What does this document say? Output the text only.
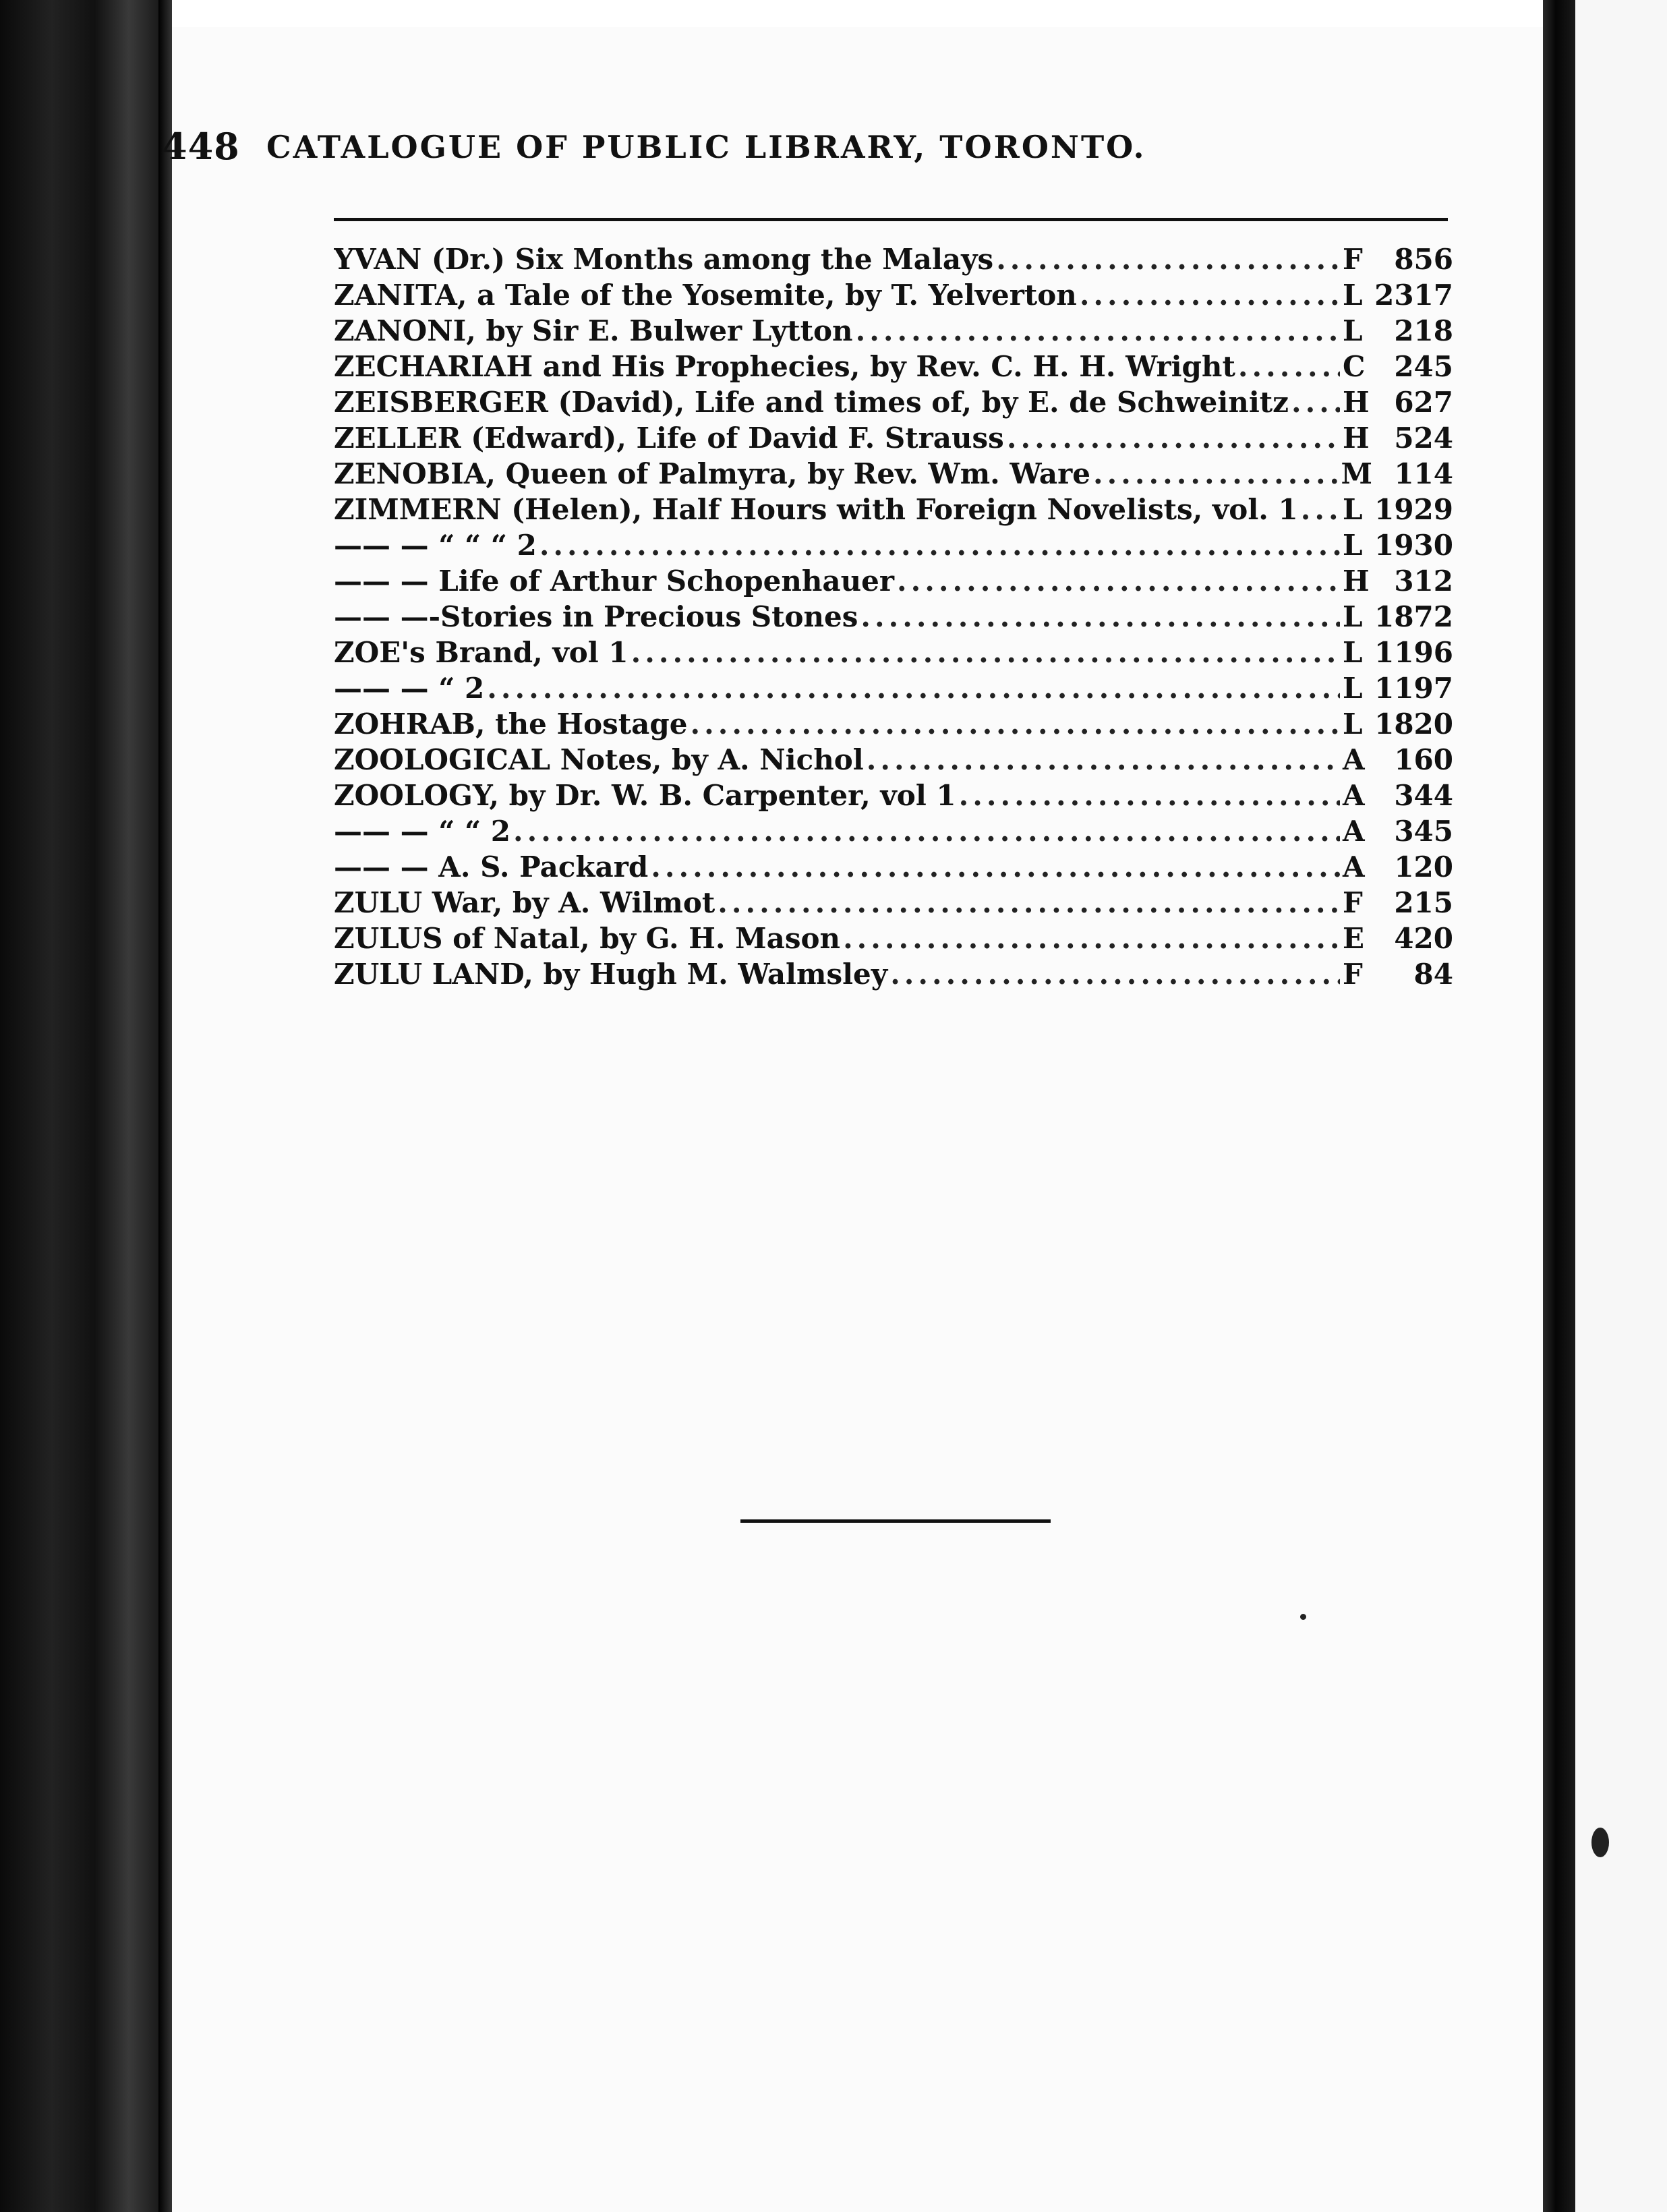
448 CATALOGUE OF PUBLIC LIBRARY, TORONTO.
YVAN (Dr.) Six Months among the Malays .....	F	856
ZANITA, a Tale of the Yosemite, by T. Yelverton .....	L 2317
ZANONI, by Sir E. Bulwer Lytton .....	L	218
ZECHARIAH and His Prophecies, by Rev. C. H. H. Wright .....	C	245
ZEISBERGER (David), Life and times of, by E. de Schweinitz ..... H 627
ZELLER (Edward), Life of David F. Strauss .....	H 524
ZENOBIA, Queen of Palmyra, by Rev. Wm. Ware .....	M 114
ZIMMERN (Helen), Half Hours with Foreign Novelists, vol. 1 ..... L 1929
—— — “ “ “ 2 .....	L 1930
—— — Life of Arthur Schopenhauer .....	H 312
—— —-Stories in Precious Stones .....	L 1872
ZOE's Brand, vol 1 .....	L 1196
—— — “ 2 .....	L 1197
ZOHRAB, the Hostage .....	L 1820
ZOOLOGICAL Notes, by A. Nichol .....	A	160
ZOOLOGY, by Dr. W. B. Carpenter, vol 1 .....	A	344
—— — “ “ 2 .....	A	345
—— — A. S. Packard .....	A	120
ZULU War, by A. Wilmot .....	F	215
ZULUS of Natal, by G. H. Mason .....	E	420
ZULU LAND, by Hugh M. Walmsley .....	F	84
